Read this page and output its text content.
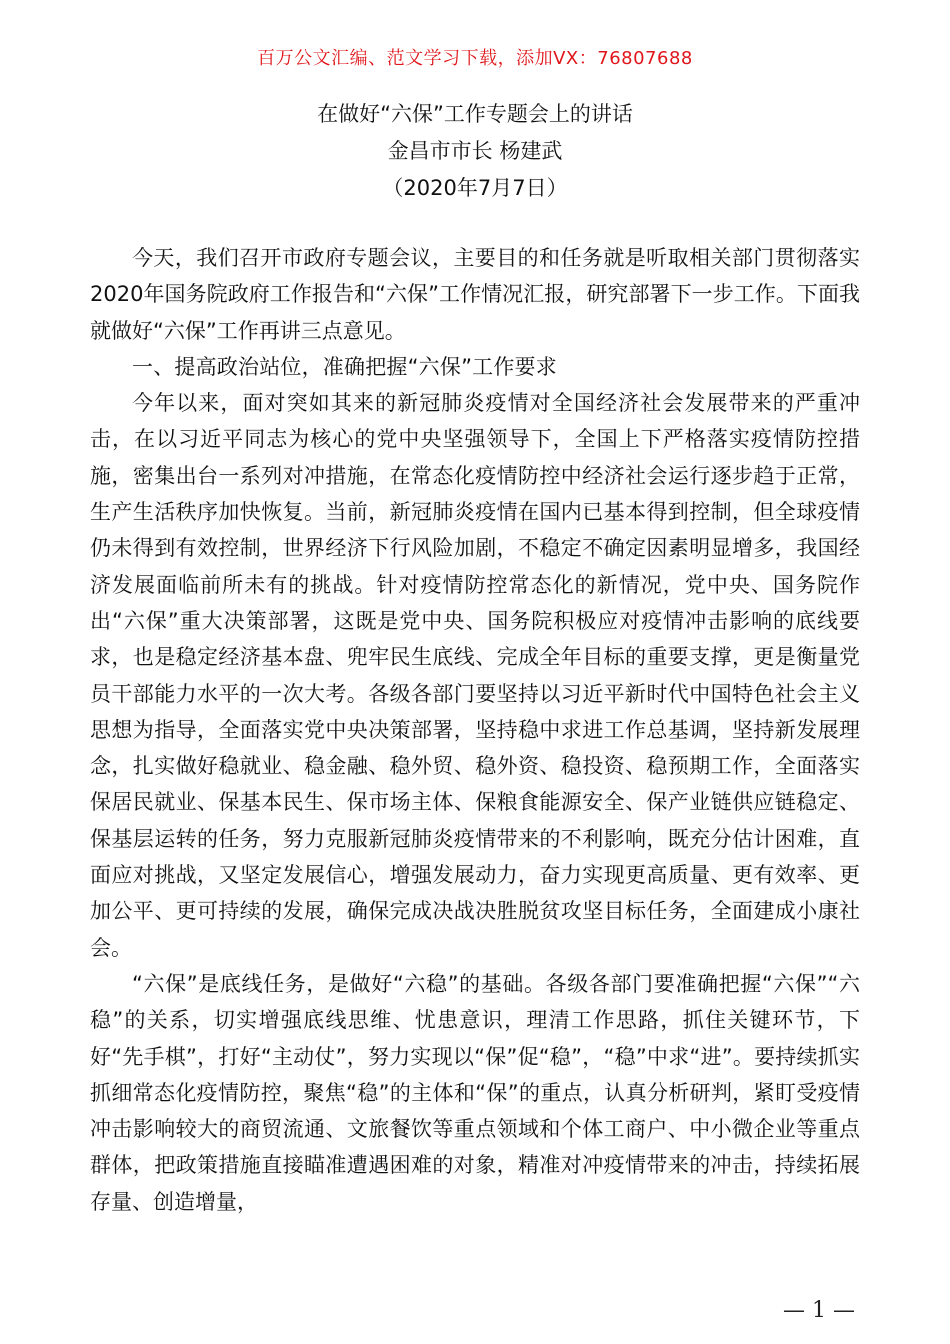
百万公文汇编、范文学习下载，添加VX：76807688
在做好“六保”工作专题会上的讲话
金昌市市长 杨建武
（2020年7月7日）

今天，我们召开市政府专题会议，主要目的和任务就是听取相关部门贯彻落实2020年国务院政府工作报告和“六保”工作情况汇报，研究部署下一步工作。下面我就做好“六保”工作再讲三点意见。

一、提高政治站位，准确把握“六保”工作要求

今年以来，面对突如其来的新冠肺炎疫情对全国经济社会发展带来的严重冲击，在以习近平同志为核心的党中央坚强领导下，全国上下严格落实疫情防控措施，密集出台一系列对冲措施，在常态化疫情防控中经济社会运行逐步趋于正常，生产生活秩序加快恢复。当前，新冠肺炎疫情在国内已基本得到控制，但全球疫情仍未得到有效控制，世界经济下行风险加剧，不稳定不确定因素明显增多，我国经济发展面临前所未有的挑战。针对疫情防控常态化的新情况，党中央、国务院作出“六保”重大决策部署，这既是党中央、国务院积极应对疫情冲击影响的底线要求，也是稳定经济基本盘、兜牢民生底线、完成全年目标的重要支撑，更是衡量党员干部能力水平的一次大考。各级各部门要坚持以习近平新时代中国特色社会主义思想为指导，全面落实党中央决策部署，坚持稳中求进工作总基调，坚持新发展理念，扎实做好稳就业、稳金融、稳外贸、稳外资、稳投资、稳预期工作，全面落实保居民就业、保基本民生、保市场主体、保粮食能源安全、保产业链供应链稳定、保基层运转的任务，努力克服新冠肺炎疫情带来的不利影响，既充分估计困难，直面应对挑战，又坚定发展信心，增强发展动力，奋力实现更高质量、更有效率、更加公平、更可持续的发展，确保完成决战决胜脱贫攻坚目标任务，全面建成小康社会。

“六保”是底线任务，是做好“六稳”的基础。各级各部门要准确把握“六保”“六稳”的关系，切实增强底线思维、忧患意识，理清工作思路，抓住关键环节，下好“先手棋”，打好“主动仗”，努力实现以“保”促“稳”，“稳”中求“进”。要持续抓实抓细常态化疫情防控，聚焦“稳”的主体和“保”的重点，认真分析研判，紧盯受疫情冲击影响较大的商贸流通、文旅餐饮等重点领域和个体工商户、中小微企业等重点群体，把政策措施直接瞄准遭遇困难的对象，精准对冲疫情带来的冲击，持续拓展存量、创造增量，

— 1 —
